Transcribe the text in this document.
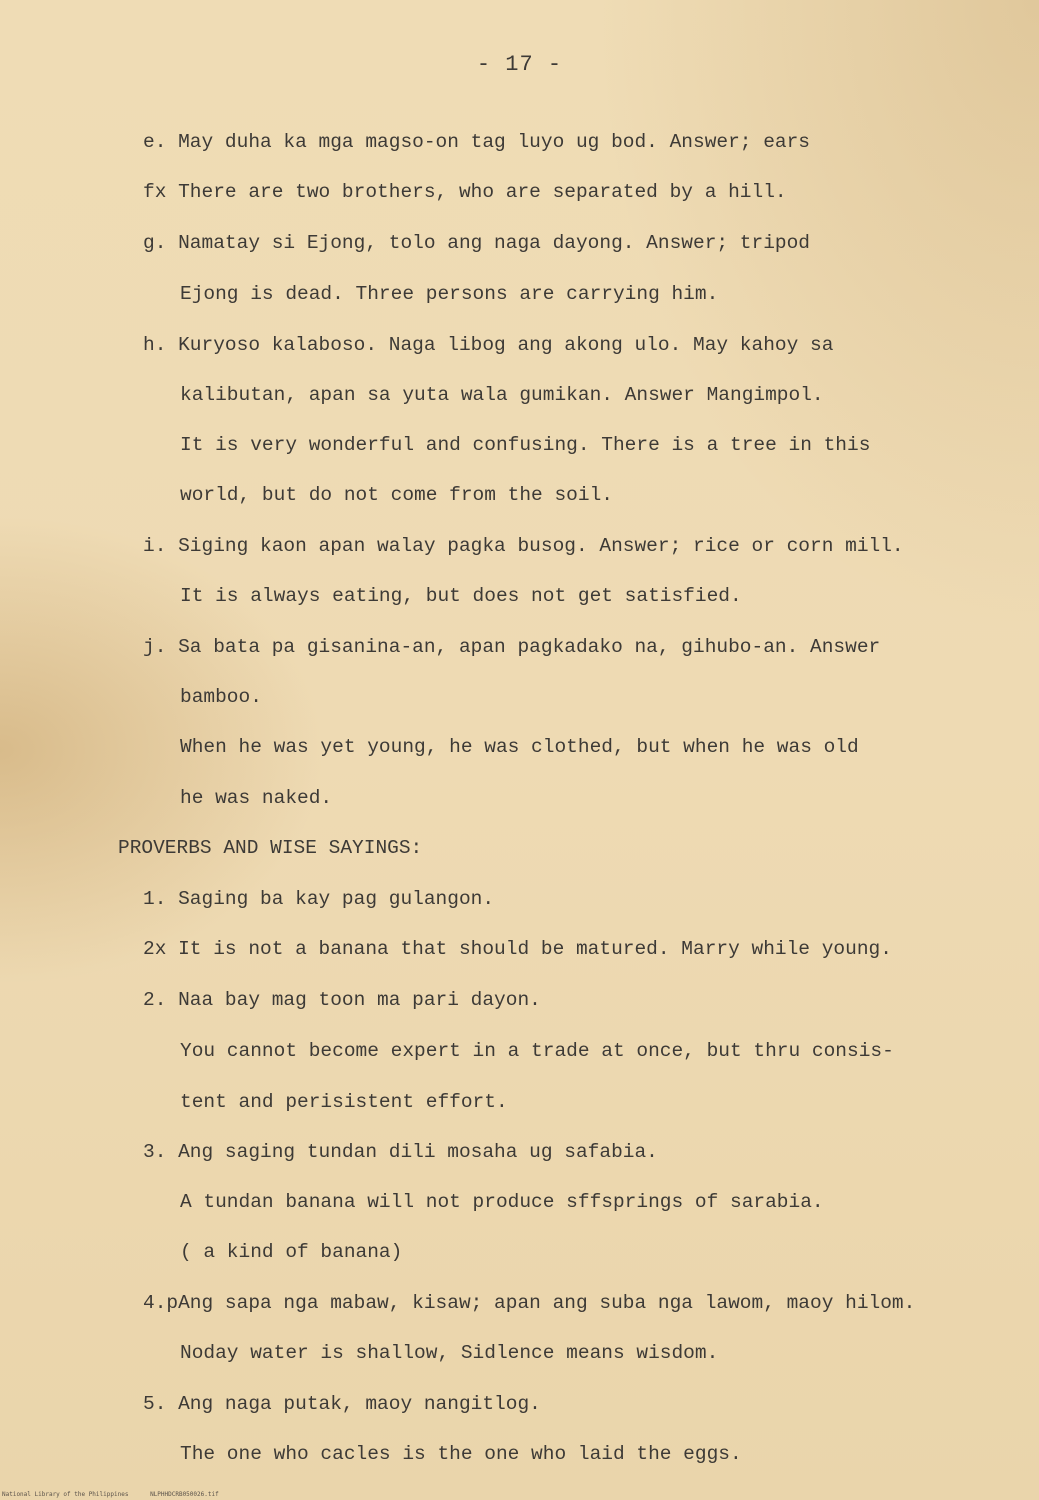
- 17 -
e. May duha ka mga magso-on tag luyo ug bod. Answer; ears
fx There are two brothers, who are separated by a hill.
g. Namatay si Ejong, tolo ang naga dayong. Answer; tripod
Ejong is dead. Three persons are carrying him.
h. Kuryoso kalaboso. Naga libog ang akong ulo. May kahoy sa
kalibutan, apan sa yuta wala gumikan. Answer Mangimpol.
It is very wonderful and confusing. There is a tree in this
world, but do not come from the soil.
i. Siging kaon apan walay pagka busog. Answer; rice or corn mill.
It is always eating, but does not get satisfied.
j. Sa bata pa gisanina-an, apan pagkadako na, gihubo-an. Answer
bamboo.
When he was yet young, he was clothed, but when he was old
he was naked.
PROVERBS AND WISE SAYINGS:
1. Saging ba kay pag gulangon.
2x It is not a banana that should be matured. Marry while young.
2. Naa bay mag toon ma pari dayon.
You cannot become expert in a trade at once, but thru consis-
tent and perisistent effort.
3. Ang saging tundan dili mosaha ug safabia.
A tundan banana will not produce sffsprings of sarabia.
( a kind of banana)
4.pAng sapa nga mabaw, kisaw; apan ang suba nga lawom, maoy hilom.
Noday water is shallow, Sidlence means wisdom.
5. Ang naga putak, maoy nangitlog.
The one who cacles is the one who laid the eggs.
National Library of the Philippines	NLPHHDCRB050026.tif
